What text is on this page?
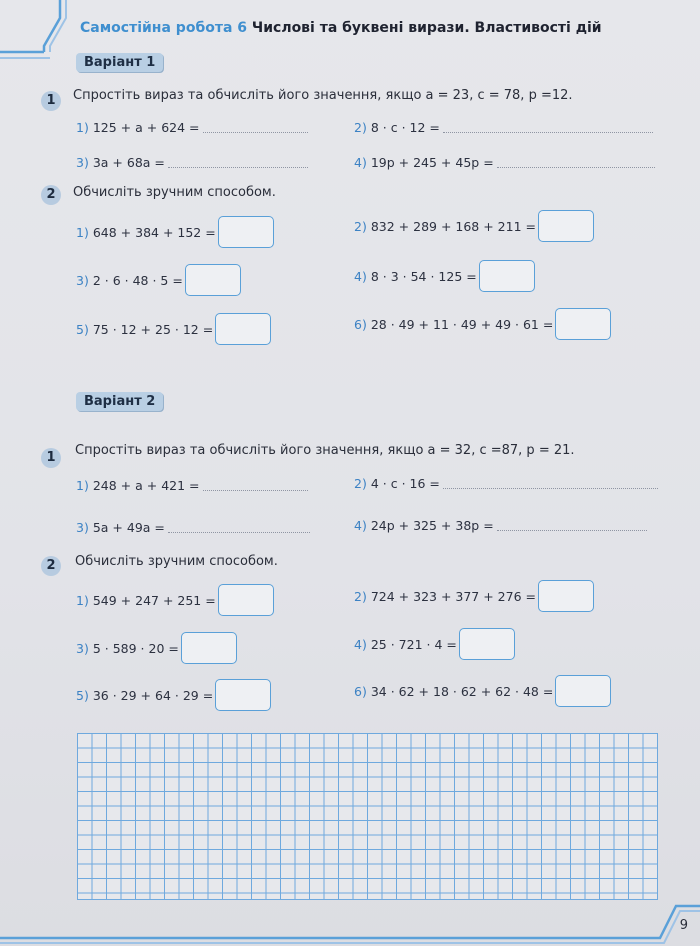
Самостійна робота 6 Числові та буквені вирази. Властивості дій
Варіант 1
1	Спростіть вираз та обчисліть його значення, якщо a = 23, c = 78, p =12.
1) 125 + a + 624 =	2) 8 · c · 12 =
3) 3a + 68a =	4) 19p + 245 + 45p =
2	Обчисліть зручним способом.
1) 648 + 384 + 152 =	2) 832 + 289 + 168 + 211 =
3) 2 · 6 · 48 · 5 =	4) 8 · 3 · 54 · 125 =
5) 75 · 12 + 25 · 12 =	6) 28 · 49 + 11 · 49 + 49 · 61 =
Варіант 2
1	Спростіть вираз та обчисліть його значення, якщо a = 32, c =87, p = 21.
1) 248 + a + 421 =	2) 4 · c · 16 =
3) 5a + 49a =	4) 24p + 325 + 38p =
2	Обчисліть зручним способом.
1) 549 + 247 + 251 =	2) 724 + 323 + 377 + 276 =
3) 5 · 589 · 20 =	4) 25 · 721 · 4 =
5) 36 · 29 + 64 · 29 =	6) 34 · 62 + 18 · 62 + 62 · 48 =
9
